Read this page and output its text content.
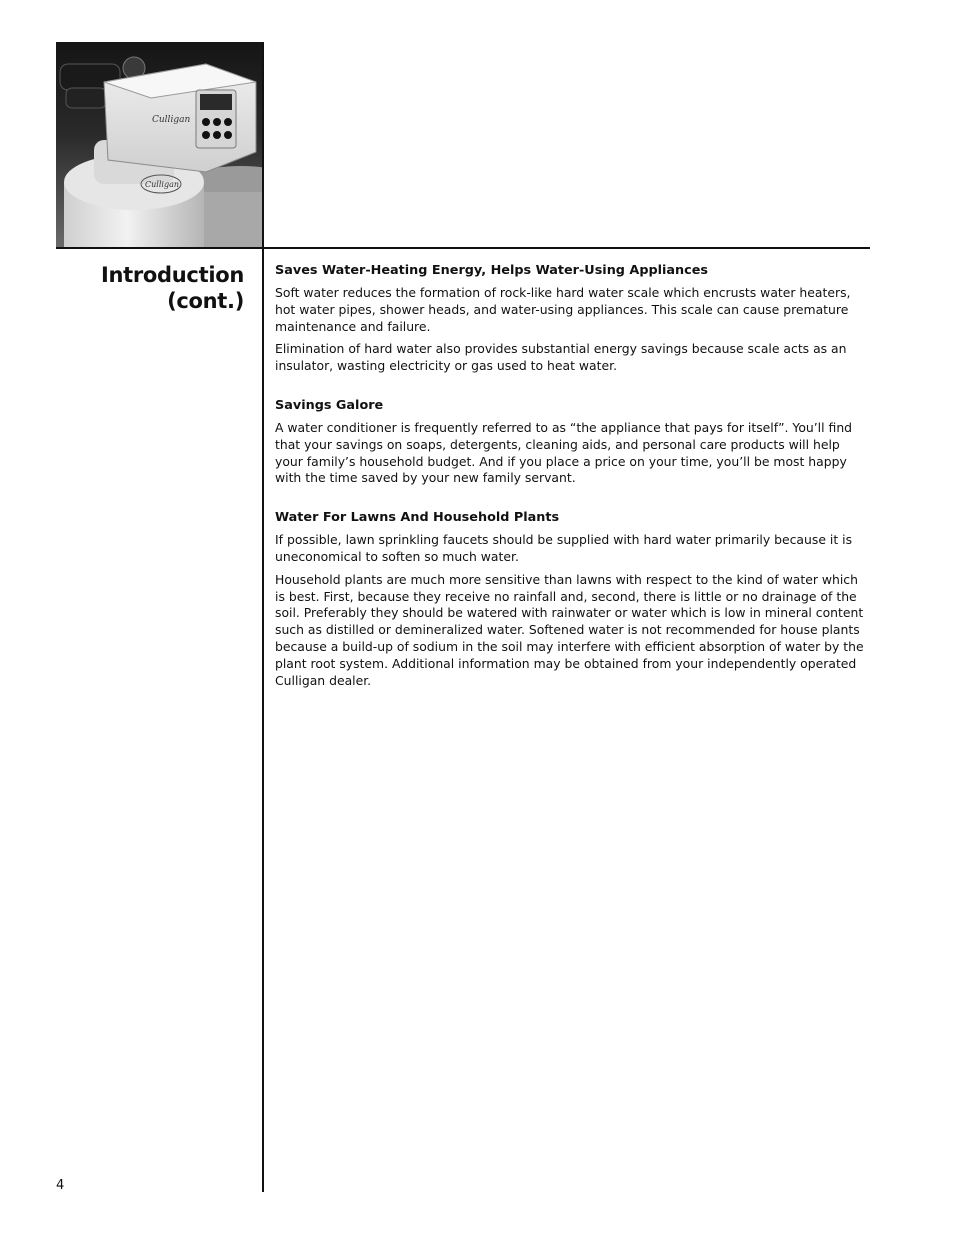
Culligan
Culligan
Introduction
(cont.)
Saves Water-Heating Energy, Helps Water-Using Appliances

Soft water reduces the formation of rock-like hard water scale which encrusts water heaters, hot water pipes, shower heads, and water-using appliances. This scale can cause premature maintenance and failure.

Elimination of hard water also provides substantial energy savings because scale acts as an insulator, wasting electricity or gas used to heat water.

Savings Galore

A water conditioner is frequently referred to as “the appliance that pays for itself”. You’ll find that your savings on soaps, detergents, cleaning aids, and personal care products will help your family’s household budget. And if you place a price on your time, you’ll be most happy with the time saved by your new family servant.

Water For Lawns And Household Plants

If possible, lawn sprinkling faucets should be supplied with hard water primarily because it is uneconomical to soften so much water.

Household plants are much more sensitive than lawns with respect to the kind of water which is best. First, because they receive no rainfall and, second, there is little or no drainage of the soil. Preferably they should be watered with rainwater or water which is low in mineral content such as distilled or demineralized water. Softened water is not recommended for house plants because a build-up of sodium in the soil may interfere with efficient absorption of water by the plant root system. Additional information may be obtained from your independently operated Culligan dealer.

4
